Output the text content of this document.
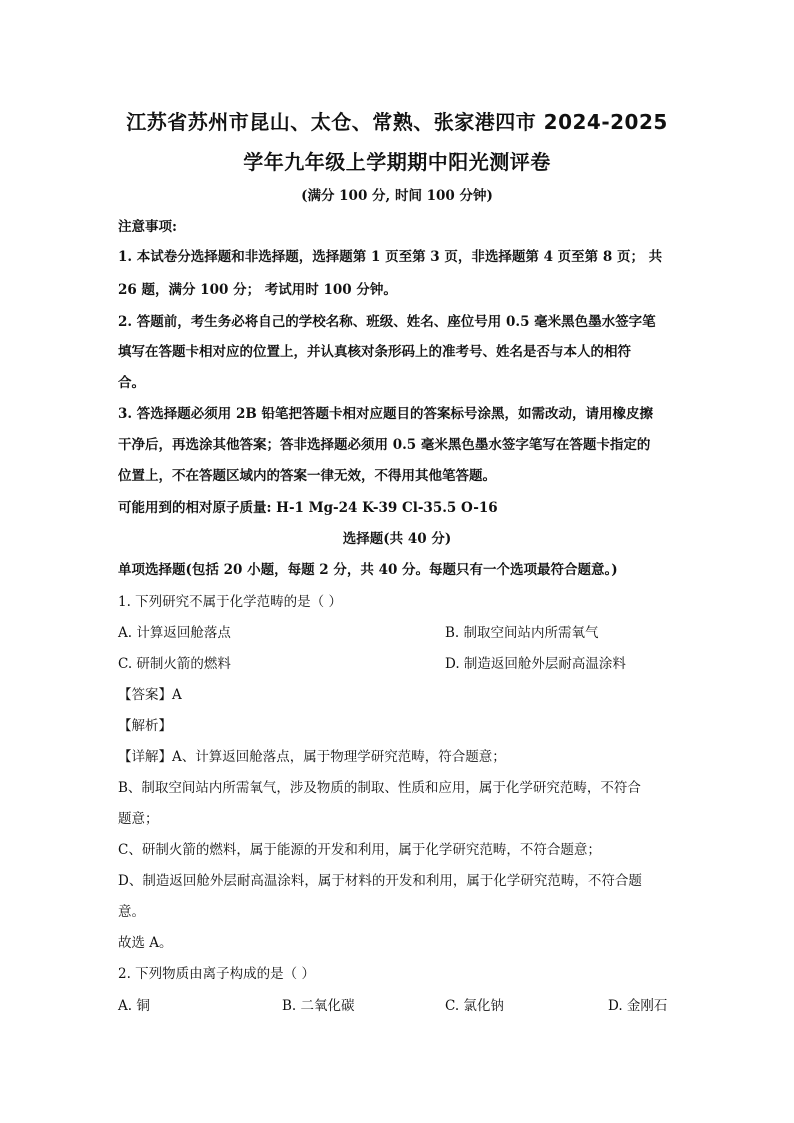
江苏省苏州市昆山、太仓、常熟、张家港四市 2024-2025
学年九年级上学期期中阳光测评卷
(满分 100 分, 时间 100 分钟)
注意事项:
1. 本试卷分选择题和非选择题，选择题第 1 页至第 3 页，非选择题第 4 页至第 8 页； 共
26 题，满分 100 分； 考试用时 100 分钟。
2. 答题前，考生务必将自己的学校名称、班级、姓名、座位号用 0.5 毫米黑色墨水签字笔
填写在答题卡相对应的位置上，并认真核对条形码上的准考号、姓名是否与本人的相符
合。
3. 答选择题必须用 2B 铅笔把答题卡相对应题目的答案标号涂黑，如需改动，请用橡皮擦
干净后，再选涂其他答案；答非选择题必须用 0.5 毫米黑色墨水签字笔写在答题卡指定的
位置上，不在答题区域内的答案一律无效，不得用其他笔答题。
可能用到的相对原子质量: H-1 Mg-24 K-39 Cl-35.5 O-16
选择题(共 40 分)
单项选择题(包括 20 小题，每题 2 分，共 40 分。每题只有一个选项最符合题意。)
1. 下列研究不属于化学范畴的是（ ）
A. 计算返回舱落点	B. 制取空间站内所需氧气
C. 研制火箭的燃料	D. 制造返回舱外层耐高温涂料
【答案】A
【解析】
【详解】A、计算返回舱落点，属于物理学研究范畴，符合题意；
B、制取空间站内所需氧气，涉及物质的制取、性质和应用，属于化学研究范畴，不符合
题意；
C、研制火箭的燃料，属于能源的开发和利用，属于化学研究范畴，不符合题意；
D、制造返回舱外层耐高温涂料，属于材料的开发和利用，属于化学研究范畴，不符合题
意。
故选 A。
2. 下列物质由离子构成的是（ ）
A. 铜	B. 二氧化碳	C. 氯化钠	D. 金刚石
